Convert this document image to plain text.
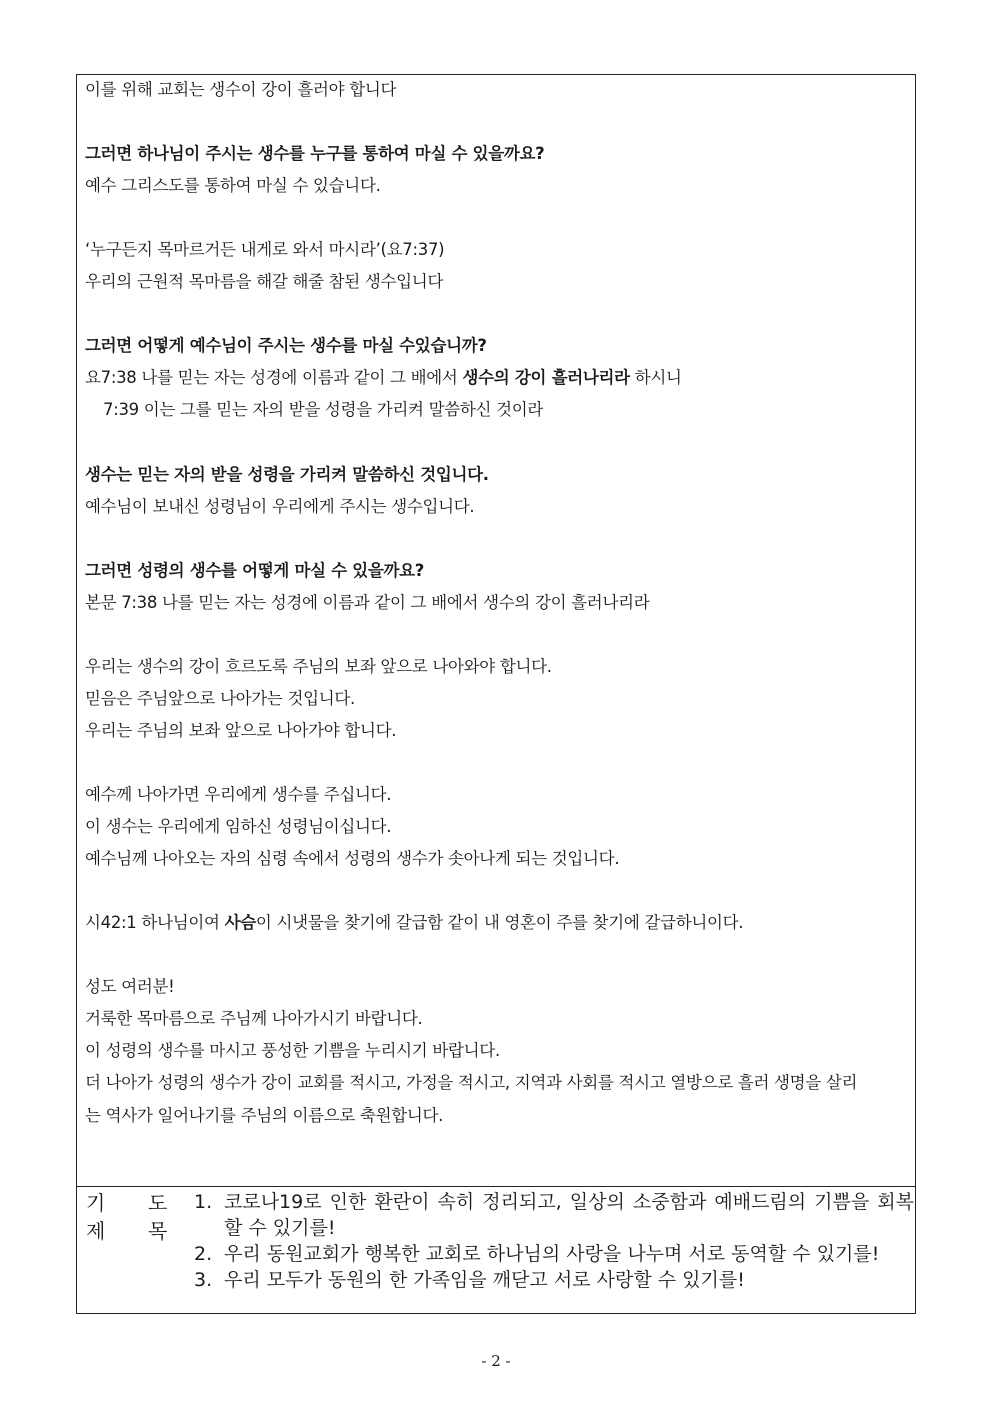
이를 위해 교회는 생수이 강이 흘러야 합니다
그러면 하나님이 주시는 생수를 누구를 통하여 마실 수 있을까요?
예수 그리스도를 통하여 마실 수 있습니다.
‘누구든지 목마르거든 내게로 와서 마시라’(요7:37)
우리의 근원적 목마름을 해갈 해줄 참된 생수입니다
그러면 어떻게 예수님이 주시는 생수를 마실 수있습니까?
요7:38 나를 믿는 자는 성경에 이름과 같이 그 배에서 생수의 강이 흘러나리라 하시니
7:39 이는 그를 믿는 자의 받을 성령을 가리켜 말씀하신 것이라
생수는 믿는 자의 받을 성령을 가리켜 말씀하신 것입니다.
예수님이 보내신 성령님이 우리에게 주시는 생수입니다.
그러면 성령의 생수를 어떻게 마실 수 있을까요?
본문 7:38 나를 믿는 자는 성경에 이름과 같이 그 배에서 생수의 강이 흘러나리라
우리는 생수의 강이 흐르도록 주님의 보좌 앞으로 나아와야 합니다.
믿음은 주님앞으로 나아가는 것입니다.
우리는 주님의 보좌 앞으로 나아가야 합니다.
예수께 나아가면 우리에게 생수를 주십니다.
이 생수는 우리에게 임하신 성령님이십니다.
예수님께 나아오는 자의 심령 속에서 성령의 생수가 솟아나게 되는 것입니다.
시42:1 하나님이여 사슴이 시냇물을 찾기에 갈급함 같이 내 영혼이 주를 찾기에 갈급하니이다.
성도 여러분!
거룩한 목마름으로 주님께 나아가시기 바랍니다.
이 성령의 생수를 마시고 풍성한 기쁨을 누리시기 바랍니다.
더 나아가 성령의 생수가 강이 교회를 적시고, 가정을 적시고, 지역과 사회를 적시고 열방으로 흘러 생명을 살리
는 역사가 일어나기를 주님의 이름으로 축원합니다.
기 도
제 목
1. 코로나19로 인한 환란이 속히 정리되고, 일상의 소중함과 예배드림의 기쁨을 회복할 수 있기를!
2. 우리 동원교회가 행복한 교회로 하나님의 사랑을 나누며 서로 동역할 수 있기를!
3. 우리 모두가 동원의 한 가족임을 깨닫고 서로 사랑할 수 있기를!
- 2 -
